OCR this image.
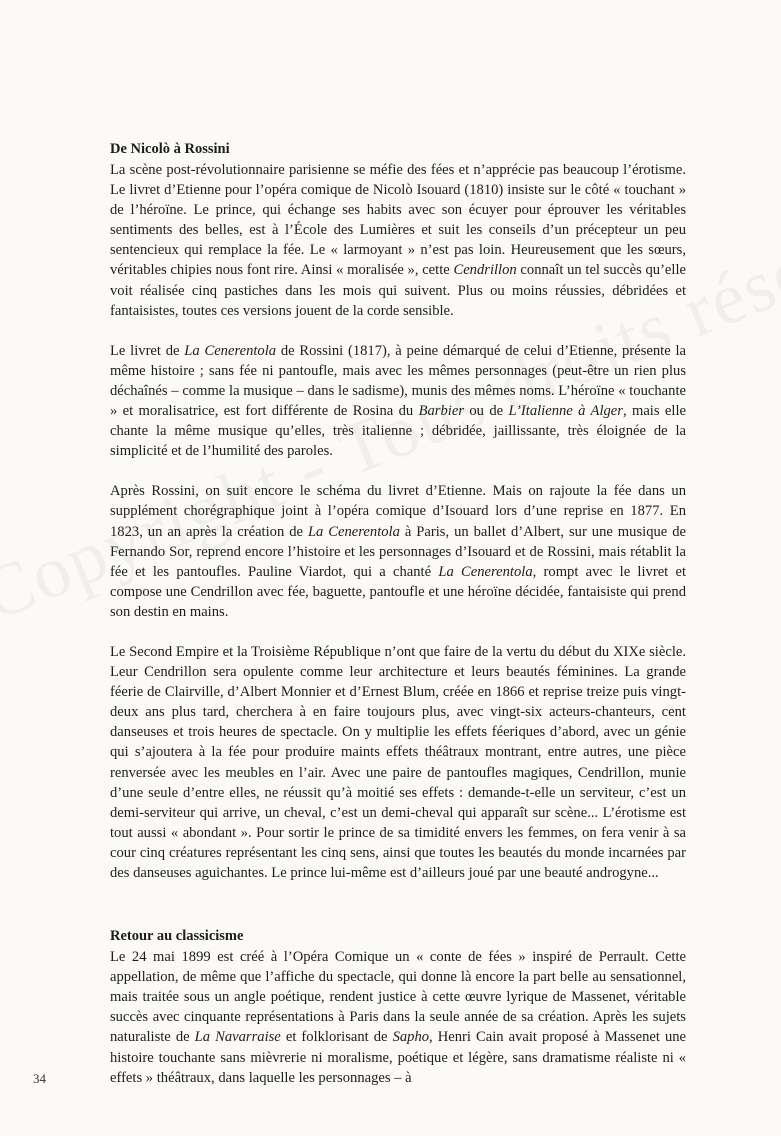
De Nicolò à Rossini

La scène post-révolutionnaire parisienne se méfie des fées et n’apprécie pas beaucoup l’érotisme. Le livret d’Etienne pour l’opéra comique de Nicolò Isouard (1810) insiste sur le côté « touchant » de l’héroïne. Le prince, qui échange ses habits avec son écuyer pour éprouver les véritables sentiments des belles, est à l’École des Lumières et suit les conseils d’un précepteur un peu sentencieux qui remplace la fée. Le « larmoyant » n’est pas loin. Heureusement que les sœurs, véritables chipies nous font rire. Ainsi « moralisée », cette Cendrillon connaît un tel succès qu’elle voit réalisée cinq pastiches dans les mois qui suivent. Plus ou moins réussies, débridées et fantaisistes, toutes ces versions jouent de la corde sensible.

Le livret de La Cenerentola de Rossini (1817), à peine démarqué de celui d’Etienne, présente la même histoire ; sans fée ni pantoufle, mais avec les mêmes personnages (peut-être un rien plus déchaînés – comme la musique – dans le sadisme), munis des mêmes noms. L’héroïne « touchante » et moralisatrice, est fort différente de Rosina du Barbier ou de L’Italienne à Alger, mais elle chante la même musique qu’elles, très italienne ; débridée, jaillissante, très éloignée de la simplicité et de l’humilité des paroles.

Après Rossini, on suit encore le schéma du livret d’Etienne. Mais on rajoute la fée dans un supplément chorégraphique joint à l’opéra comique d’Isouard lors d’une reprise en 1877. En 1823, un an après la création de La Cenerentola à Paris, un ballet d’Albert, sur une musique de Fernando Sor, reprend encore l’histoire et les personnages d’Isouard et de Rossini, mais rétablit la fée et les pantoufles. Pauline Viardot, qui a chanté La Cenerentola, rompt avec le livret et compose une Cendrillon avec fée, baguette, pantoufle et une héroïne décidée, fantaisiste qui prend son destin en mains.

Le Second Empire et la Troisième République n’ont que faire de la vertu du début du XIXe siècle. Leur Cendrillon sera opulente comme leur architecture et leurs beautés féminines. La grande féerie de Clairville, d’Albert Monnier et d’Ernest Blum, créée en 1866 et reprise treize puis vingt-deux ans plus tard, cherchera à en faire toujours plus, avec vingt-six acteurs-chanteurs, cent danseuses et trois heures de spectacle. On y multiplie les effets féeriques d’abord, avec un génie qui s’ajoutera à la fée pour produire maints effets théâtraux montrant, entre autres, une pièce renversée avec les meubles en l’air. Avec une paire de pantoufles magiques, Cendrillon, munie d’une seule d’entre elles, ne réussit qu’à moitié ses effets : demande-t-elle un serviteur, c’est un demi-serviteur qui arrive, un cheval, c’est un demi-cheval qui apparaît sur scène... L’érotisme est tout aussi « abondant ». Pour sortir le prince de sa timidité envers les femmes, on fera venir à sa cour cinq créatures représentant les cinq sens, ainsi que toutes les beautés du monde incarnées par des danseuses aguichantes. Le prince lui-même est d’ailleurs joué par une beauté androgyne...

Retour au classicisme

Le 24 mai 1899 est créé à l’Opéra Comique un « conte de fées » inspiré de Perrault. Cette appellation, de même que l’affiche du spectacle, qui donne là encore la part belle au sensationnel, mais traitée sous un angle poétique, rendent justice à cette œuvre lyrique de Massenet, véritable succès avec cinquante représentations à Paris dans la seule année de sa création. Après les sujets naturaliste de La Navarraise et folklorisant de Sapho, Henri Cain avait proposé à Massenet une histoire touchante sans mièvrerie ni moralisme, poétique et légère, sans dramatisme réaliste ni « effets » théâtraux, dans laquelle les personnages – à

34
